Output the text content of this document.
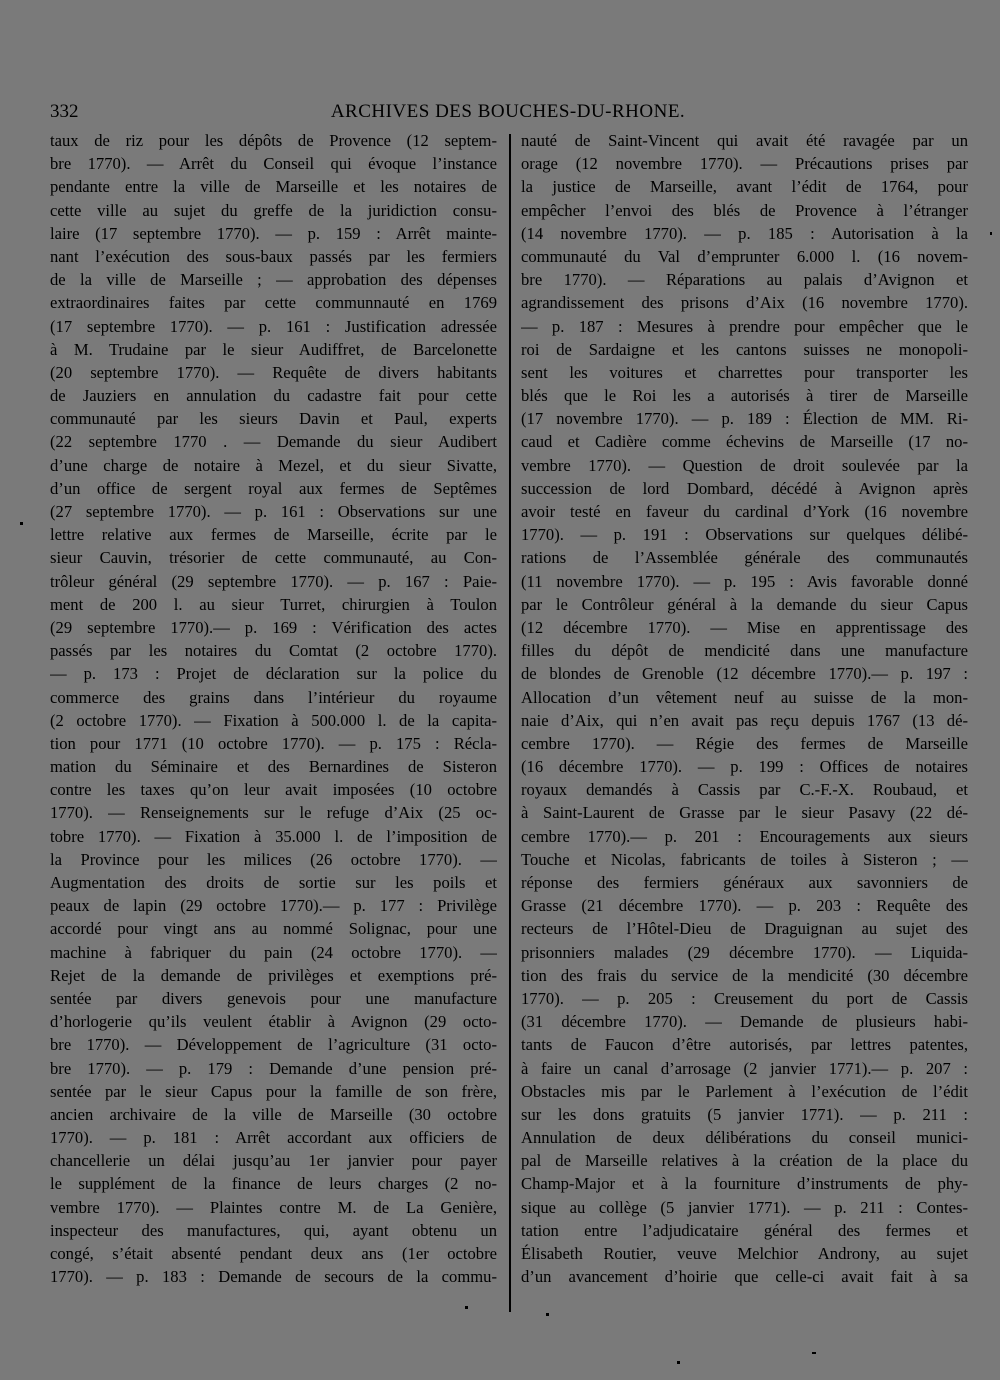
332	ARCHIVES DES BOUCHES-DU-RHONE.
taux de riz pour les dépôts de Provence (12 septem-
bre 1770). — Arrêt du Conseil qui évoque l’instance
pendante entre la ville de Marseille et les notaires de
cette ville au sujet du greffe de la juridiction consu-
laire (17 septembre 1770). — p. 159 : Arrêt mainte-
nant l’exécution des sous-baux passés par les fermiers
de la ville de Marseille ; — approbation des dépenses
extraordinaires faites par cette communnauté en 1769
(17 septembre 1770). — p. 161 : Justification adressée
à M. Trudaine par le sieur Audiffret, de Barcelonette
(20 septembre 1770). — Requête de divers habitants
de Jauziers en annulation du cadastre fait pour cette
communauté par les sieurs Davin et Paul, experts
(22 septembre 1770 . — Demande du sieur Audibert
d’une charge de notaire à Mezel, et du sieur Sivatte,
d’un office de sergent royal aux fermes de Septêmes
(27 septembre 1770). — p. 161 : Observations sur une
lettre relative aux fermes de Marseille, écrite par le
sieur Cauvin, trésorier de cette communauté, au Con-
trôleur général (29 septembre 1770). — p. 167 : Paie-
ment de 200 l. au sieur Turret, chirurgien à Toulon
(29 septembre 1770).— p. 169 : Vérification des actes
passés par les notaires du Comtat (2 octobre 1770).
— p. 173 : Projet de déclaration sur la police du
commerce des grains dans l’intérieur du royaume
(2 octobre 1770). — Fixation à 500.000 l. de la capita-
tion pour 1771 (10 octobre 1770). — p. 175 : Récla-
mation du Séminaire et des Bernardines de Sisteron
contre les taxes qu’on leur avait imposées (10 octobre
1770). — Renseignements sur le refuge d’Aix (25 oc-
tobre 1770). — Fixation à 35.000 l. de l’imposition de
la Province pour les milices (26 octobre 1770). —
Augmentation des droits de sortie sur les poils et
peaux de lapin (29 octobre 1770).— p. 177 : Privilège
accordé pour vingt ans au nommé Solignac, pour une
machine à fabriquer du pain (24 octobre 1770). —
Rejet de la demande de privilèges et exemptions pré-
sentée par divers genevois pour une manufacture
d’horlogerie qu’ils veulent établir à Avignon (29 octo-
bre 1770). — Développement de l’agriculture (31 octo-
bre 1770). — p. 179 : Demande d’une pension pré-
sentée par le sieur Capus pour la famille de son frère,
ancien archivaire de la ville de Marseille (30 octobre
1770). — p. 181 : Arrêt accordant aux officiers de
chancellerie un délai jusqu’au 1er janvier pour payer
le supplément de la finance de leurs charges (2 no-
vembre 1770). — Plaintes contre M. de La Genière,
inspecteur des manufactures, qui, ayant obtenu un
congé, s’était absenté pendant deux ans (1er octobre
1770). — p. 183 : Demande de secours de la commu-
nauté de Saint-Vincent qui avait été ravagée par un
orage (12 novembre 1770). — Précautions prises par
la justice de Marseille, avant l’édit de 1764, pour
empêcher l’envoi des blés de Provence à l’étranger
(14 novembre 1770). — p. 185 : Autorisation à la
communauté du Val d’emprunter 6.000 l. (16 novem-
bre 1770). — Réparations au palais d’Avignon et
agrandissement des prisons d’Aix (16 novembre 1770).
— p. 187 : Mesures à prendre pour empêcher que le
roi de Sardaigne et les cantons suisses ne monopoli-
sent les voitures et charrettes pour transporter les
blés que le Roi les a autorisés à tirer de Marseille
(17 novembre 1770). — p. 189 : Élection de MM. Ri-
caud et Cadière comme échevins de Marseille (17 no-
vembre 1770). — Question de droit soulevée par la
succession de lord Dombard, décédé à Avignon après
avoir testé en faveur du cardinal d’York (16 novembre
1770). — p. 191 : Observations sur quelques délibé-
rations de l’Assemblée générale des communautés
(11 novembre 1770). — p. 195 : Avis favorable donné
par le Contrôleur général à la demande du sieur Capus
(12 décembre 1770). — Mise en apprentissage des
filles du dépôt de mendicité dans une manufacture
de blondes de Grenoble (12 décembre 1770).— p. 197 :
Allocation d’un vêtement neuf au suisse de la mon-
naie d’Aix, qui n’en avait pas reçu depuis 1767 (13 dé-
cembre 1770). — Régie des fermes de Marseille
(16 décembre 1770). — p. 199 : Offices de notaires
royaux demandés à Cassis par C.-F.-X. Roubaud, et
à Saint-Laurent de Grasse par le sieur Pasavy (22 dé-
cembre 1770).— p. 201 : Encouragements aux sieurs
Touche et Nicolas, fabricants de toiles à Sisteron ; —
réponse des fermiers généraux aux savonniers de
Grasse (21 décembre 1770). — p. 203 : Requête des
recteurs de l’Hôtel-Dieu de Draguignan au sujet des
prisonniers malades (29 décembre 1770). — Liquida-
tion des frais du service de la mendicité (30 décembre
1770). — p. 205 : Creusement du port de Cassis
(31 décembre 1770). — Demande de plusieurs habi-
tants de Faucon d’être autorisés, par lettres patentes,
à faire un canal d’arrosage (2 janvier 1771).— p. 207 :
Obstacles mis par le Parlement à l’exécution de l’édit
sur les dons gratuits (5 janvier 1771). — p. 211 :
Annulation de deux délibérations du conseil munici-
pal de Marseille relatives à la création de la place du
Champ-Major et à la fourniture d’instruments de phy-
sique au collège (5 janvier 1771). — p. 211 : Contes-
tation entre l’adjudicataire général des fermes et
Élisabeth Routier, veuve Melchior Androny, au sujet
d’un avancement d’hoirie que celle-ci avait fait à sa
